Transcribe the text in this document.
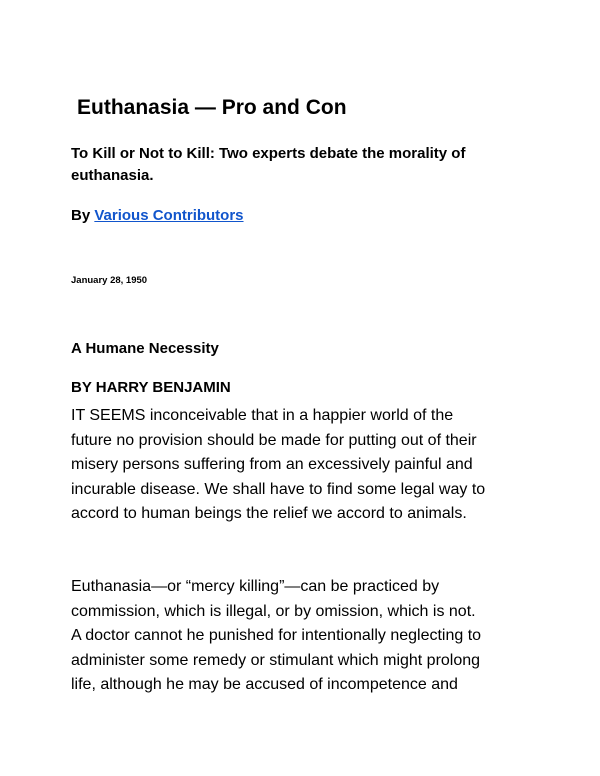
Euthanasia — Pro and Con

To Kill or Not to Kill: Two experts debate the morality of euthanasia.

By Various Contributors

January 28, 1950

A Humane Necessity

BY HARRY BENJAMIN

IT SEEMS inconceivable that in a happier world of the
future no provision should be made for putting out of their
misery persons suffering from an excessively painful and
incurable disease. We shall have to find some legal way to
accord to human beings the relief we accord to animals.

Euthanasia—or “mercy killing”—can be practiced by
commission, which is illegal, or by omission, which is not.
A doctor cannot he punished for intentionally neglecting to
administer some remedy or stimulant which might prolong
life, although he may be accused of incompetence and
